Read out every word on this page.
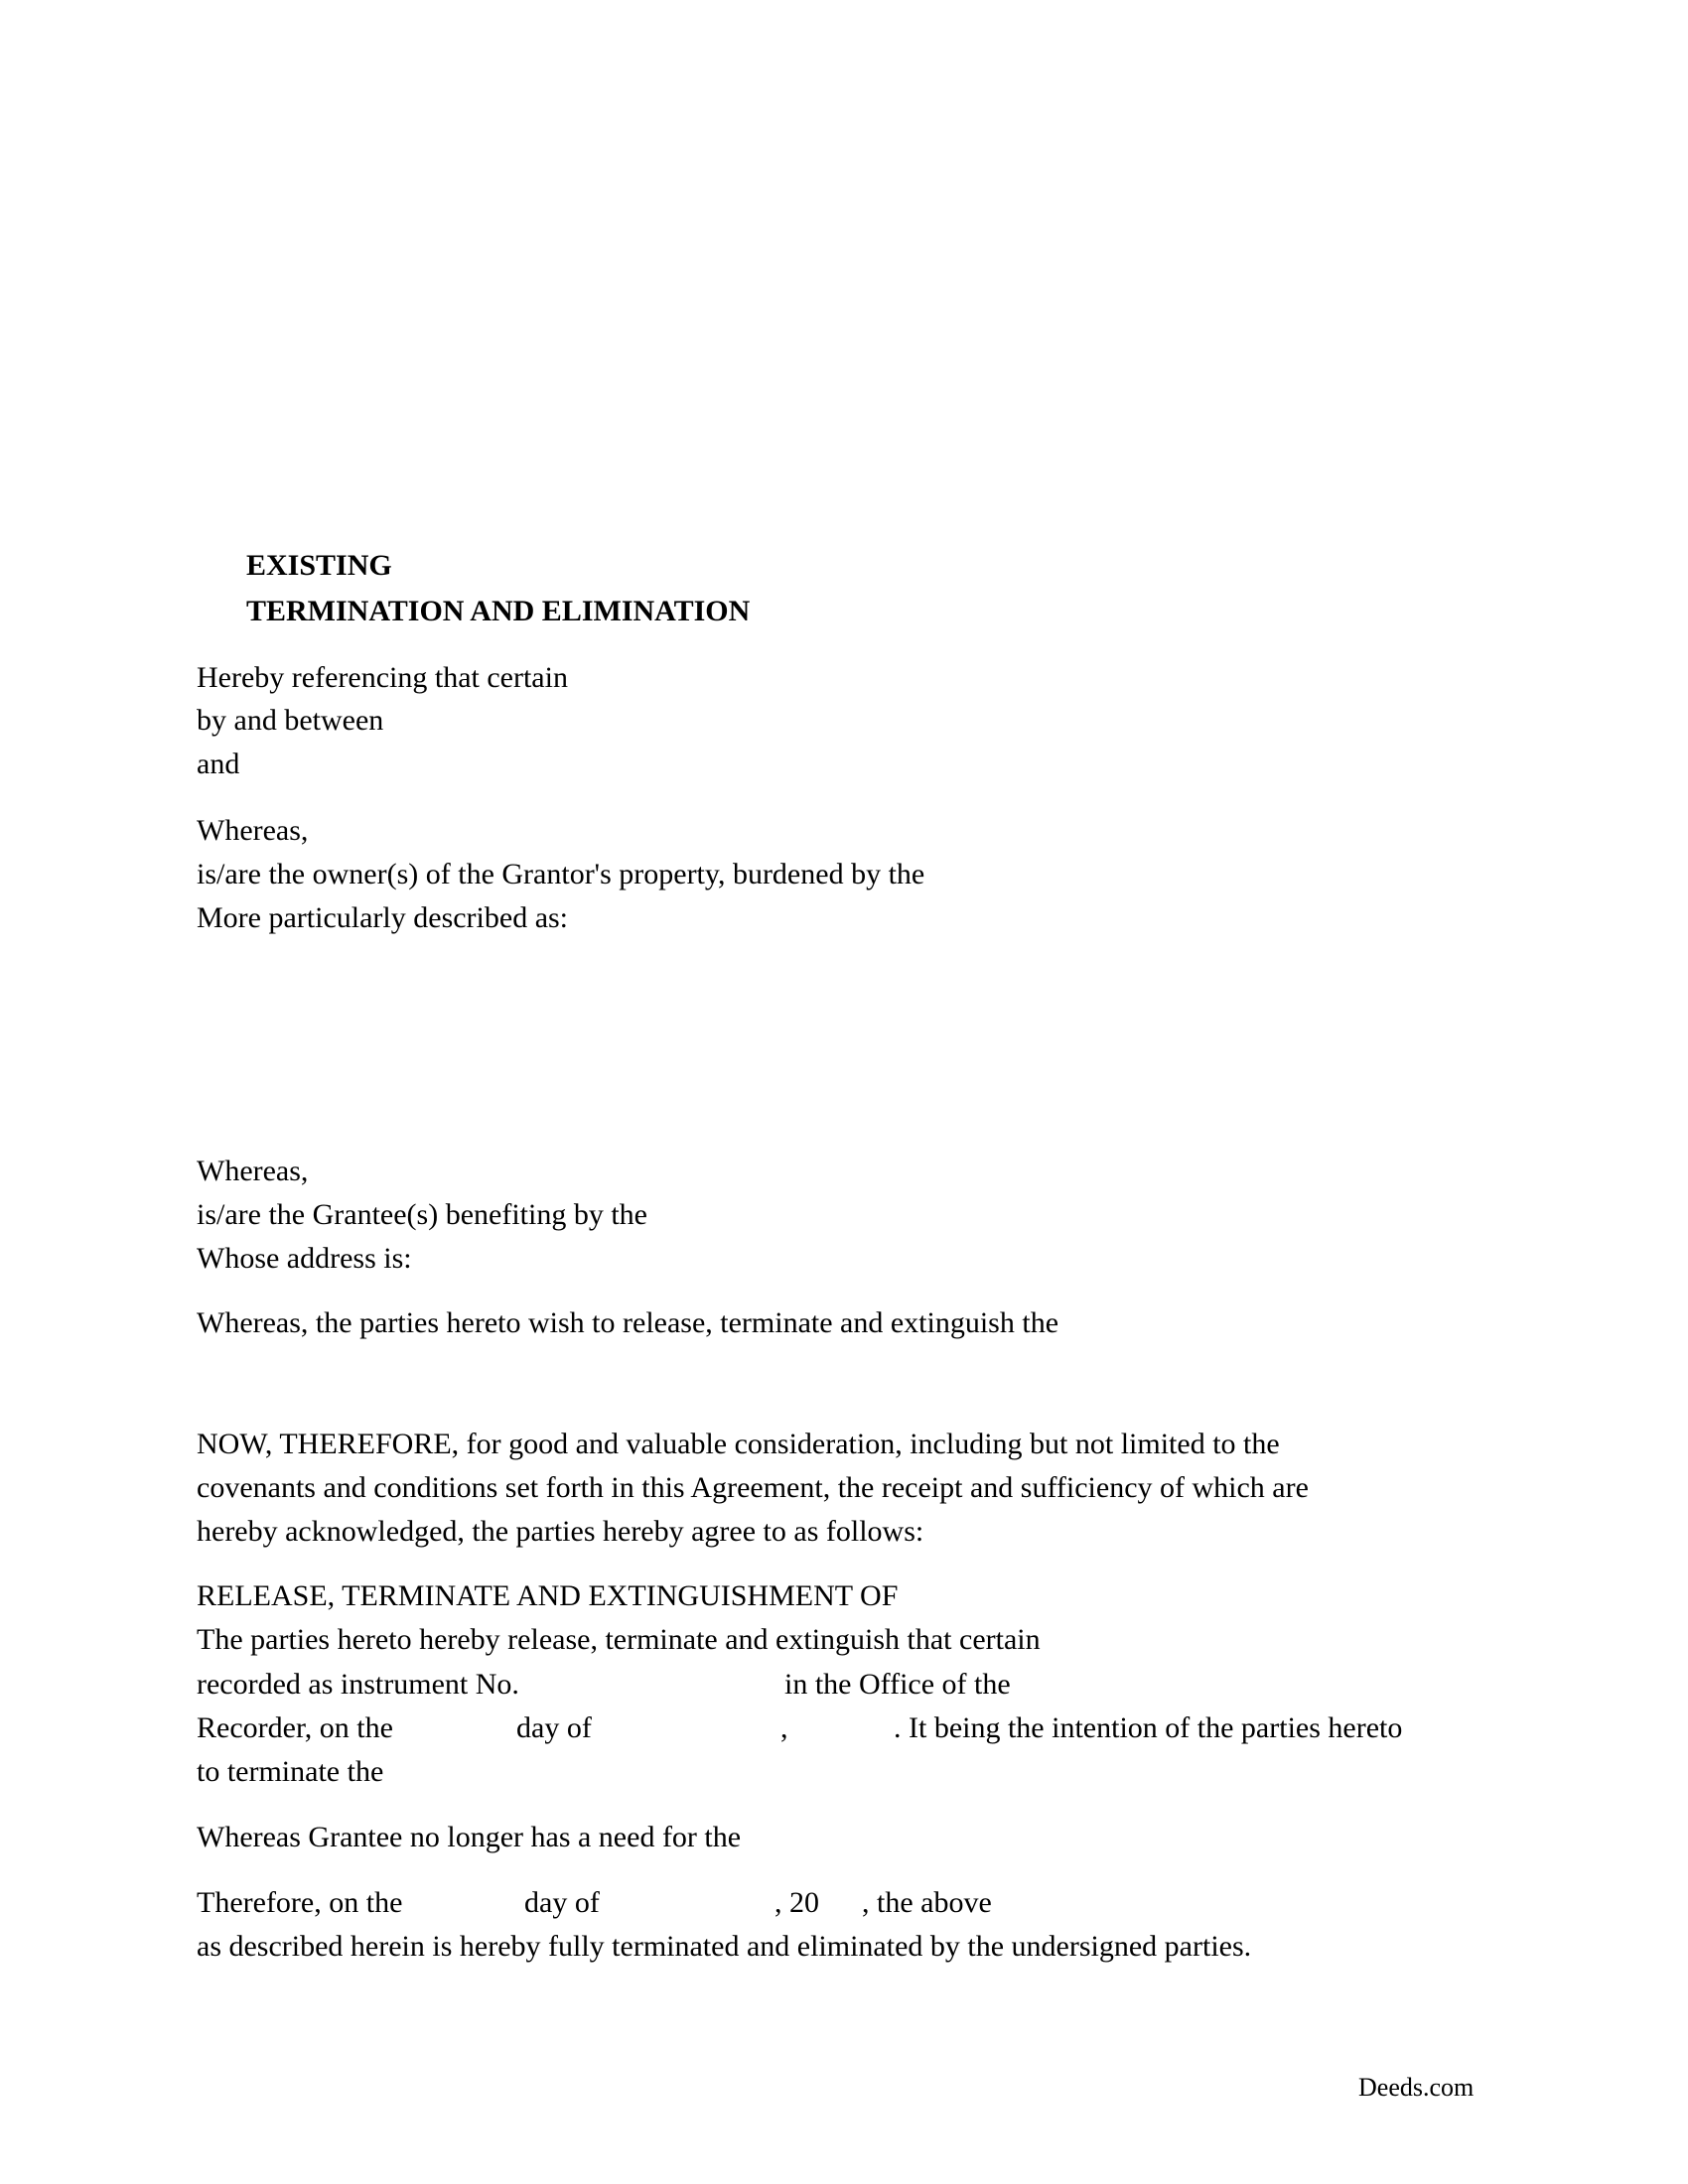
EXISTING

TERMINATION AND ELIMINATION

Hereby referencing that certain

by and between

and

Whereas,

is/are the owner(s) of the Grantor's property, burdened by the

More particularly described as:

Whereas,

is/are the Grantee(s) benefiting by the

Whose address is:

Whereas, the parties hereto wish to release, terminate and extinguish the

NOW, THEREFORE, for good and valuable consideration, including but not limited to the

covenants and conditions set forth in this Agreement, the receipt and sufficiency of which are

hereby acknowledged, the parties hereby agree to as follows:

RELEASE, TERMINATE AND EXTINGUISHMENT OF

The parties hereto hereby release, terminate and extinguish that certain

recorded as instrument No.	in the Office of the

Recorder, on the	day of	,	. It being the intention of the parties hereto

to terminate the

Whereas Grantee no longer has a need for the

Therefore, on the	day of	, 20 , the above

as described herein is hereby fully terminated and eliminated by the undersigned parties.

Deeds.com
